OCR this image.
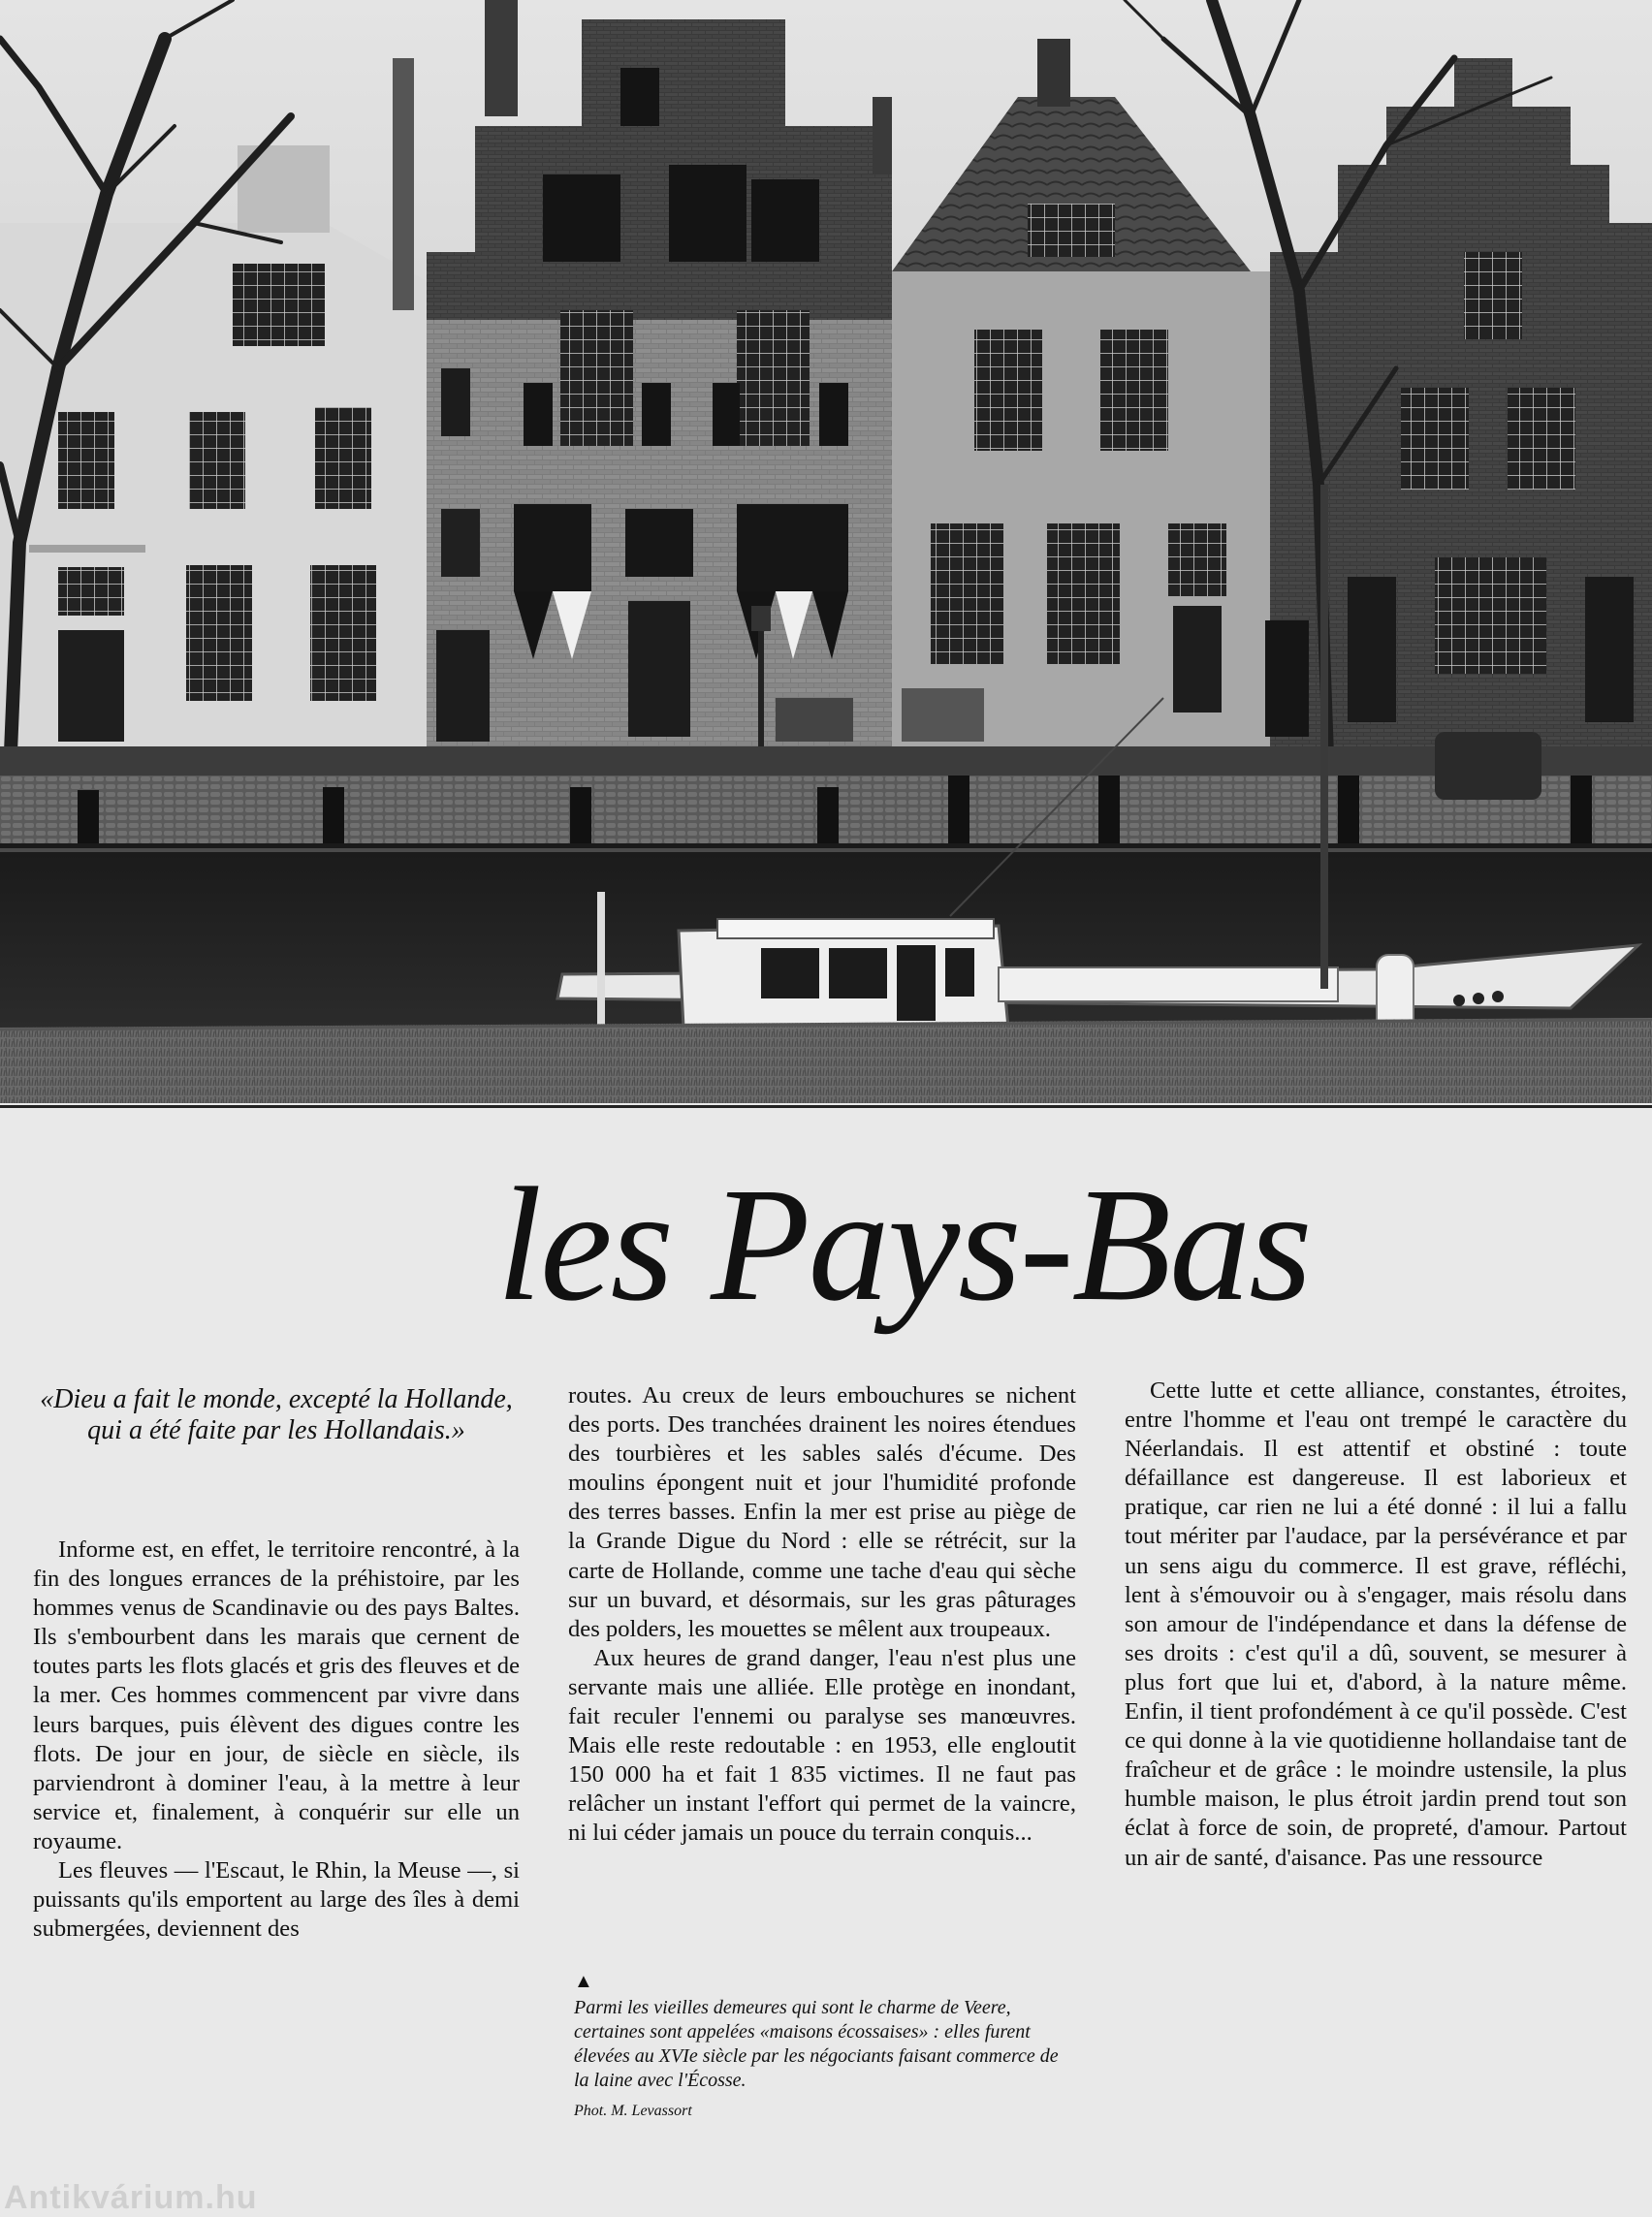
les Pays-Bas
«Dieu a fait le monde, excepté la Hollande, qui a été faite par les Hollandais.»

Informe est, en effet, le territoire rencontré, à la fin des longues errances de la préhistoire, par les hommes venus de Scandinavie ou des pays Baltes. Ils s'embourbent dans les marais que cernent de toutes parts les flots glacés et gris des fleuves et de la mer. Ces hommes commencent par vivre dans leurs barques, puis élèvent des digues contre les flots. De jour en jour, de siècle en siècle, ils parviendront à dominer l'eau, à la mettre à leur service et, finalement, à conquérir sur elle un royaume.

Les fleuves — l'Escaut, le Rhin, la Meuse —, si puissants qu'ils emportent au large des îles à demi submergées, deviennent des

routes. Au creux de leurs embouchures se nichent des ports. Des tranchées drainent les noires étendues des tourbières et les sables salés d'écume. Des moulins épongent nuit et jour l'humidité profonde des terres basses. Enfin la mer est prise au piège de la Grande Digue du Nord : elle se rétrécit, sur la carte de Hollande, comme une tache d'eau qui sèche sur un buvard, et désormais, sur les gras pâturages des polders, les mouettes se mêlent aux troupeaux.

Aux heures de grand danger, l'eau n'est plus une servante mais une alliée. Elle protège en inondant, fait reculer l'ennemi ou paralyse ses manœuvres. Mais elle reste redoutable : en 1953, elle engloutit 150 000 ha et fait 1 835 victimes. Il ne faut pas relâcher un instant l'effort qui permet de la vaincre, ni lui céder jamais un pouce du terrain conquis...

▲
Parmi les vieilles demeures qui sont le charme de Veere, certaines sont appelées «maisons écossaises» : elles furent élevées au XVIe siècle par les négociants faisant commerce de la laine avec l'Écosse.
Phot. M. Levassort

Cette lutte et cette alliance, constantes, étroites, entre l'homme et l'eau ont trempé le caractère du Néerlandais. Il est attentif et obstiné : toute défaillance est dangereuse. Il est laborieux et pratique, car rien ne lui a été donné : il lui a fallu tout mériter par l'audace, par la persévérance et par un sens aigu du commerce. Il est grave, réfléchi, lent à s'émouvoir ou à s'engager, mais résolu dans son amour de l'indépendance et dans la défense de ses droits : c'est qu'il a dû, souvent, se mesurer à plus fort que lui et, d'abord, à la nature même. Enfin, il tient profondément à ce qu'il possède. C'est ce qui donne à la vie quotidienne hollandaise tant de fraîcheur et de grâce : le moindre ustensile, la plus humble maison, le plus étroit jardin prend tout son éclat à force de soin, de propreté, d'amour. Partout un air de santé, d'aisance. Pas une ressource

Antikvárium.hu
